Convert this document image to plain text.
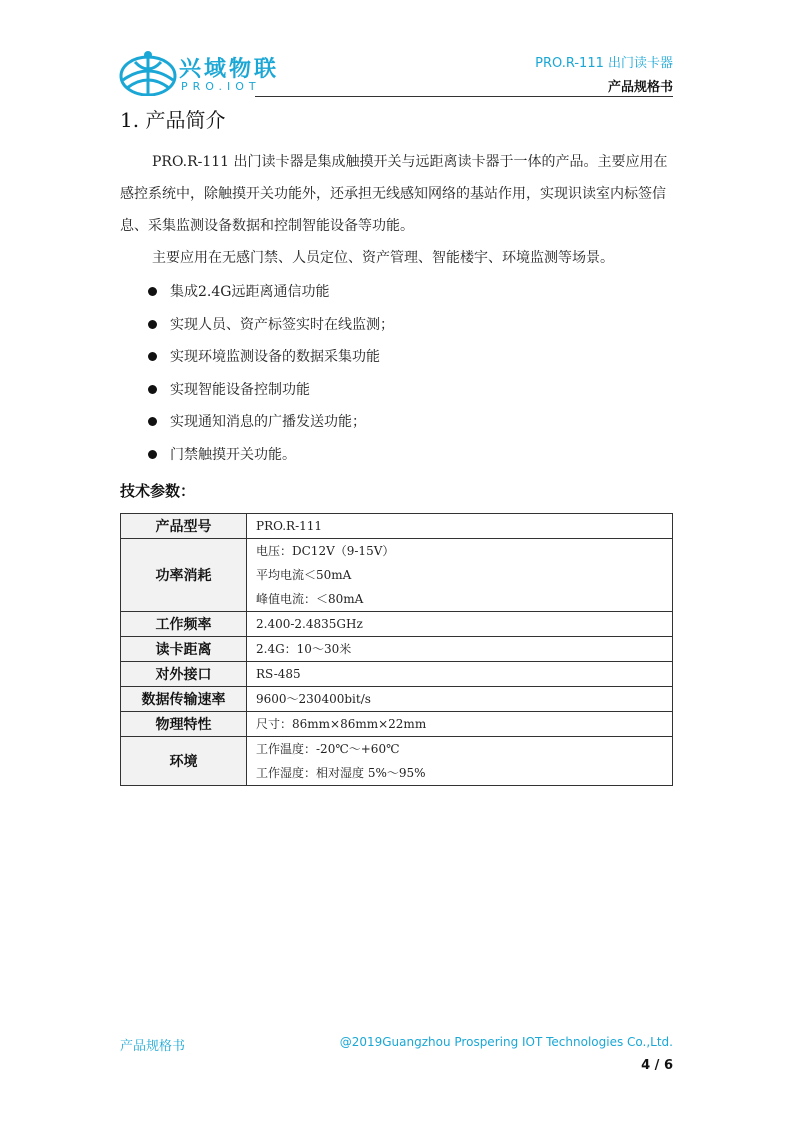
兴域物联
PRO.IOT
PRO.R-111 出门读卡器
产品规格书
1. 产品简介
PRO.R-111 出门读卡器是集成触摸开关与远距离读卡器于一体的产品。主要应用在感控系统中，除触摸开关功能外，还承担无线感知网络的基站作用，实现识读室内标签信息、采集监测设备数据和控制智能设备等功能。
主要应用在无感门禁、人员定位、资产管理、智能楼宇、环境监测等场景。
集成2.4G远距离通信功能
实现人员、资产标签实时在线监测；
实现环境监测设备的数据采集功能
实现智能设备控制功能
实现通知消息的广播发送功能；
门禁触摸开关功能。
技术参数：
产品型号	PRO.R-111
功率消耗	电压：DC12V（9-15V）
平均电流＜50mA
峰值电流：＜80mA

工作频率	2.400-2.4835GHz
读卡距离	2.4G：10～30米
对外接口	RS-485
数据传输速率	9600～230400bit/s
物理特性	尺寸：86mm×86mm×22mm
环境	工作温度：-20℃～+60℃
工作湿度：相对湿度 5%～95%
产品规格书	@2019Guangzhou Prospering IOT Technologies Co.,Ltd.
4 / 6
